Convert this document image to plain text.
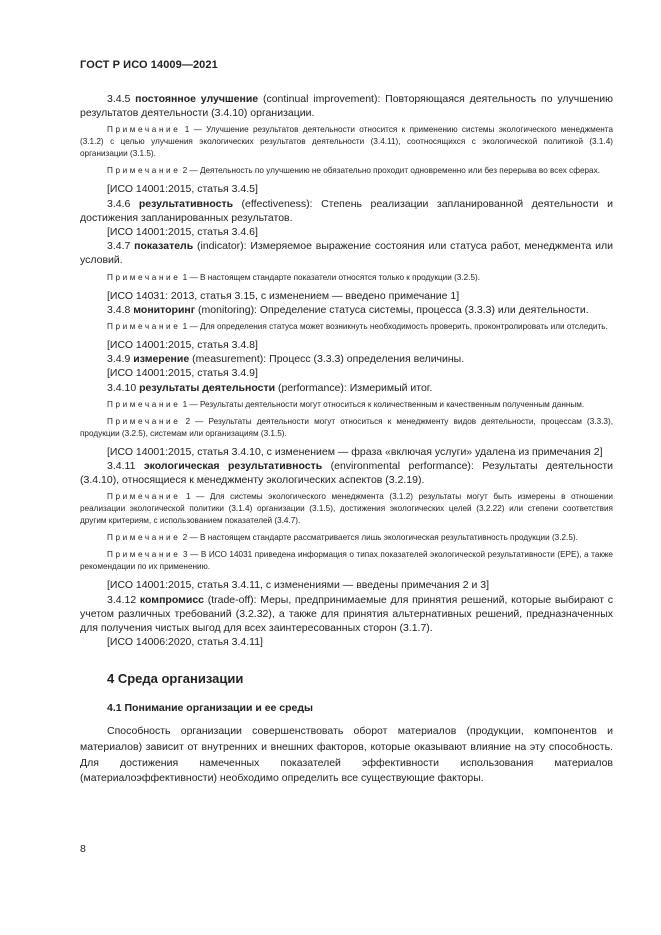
ГОСТ Р ИСО 14009—2021

3.4.5 постоянное улучшение (continual improvement): Повторяющаяся деятельность по улучшению результатов деятельности (3.4.10) организации.

Примечание 1 — Улучшение результатов деятельности относится к применению системы экологического менеджмента (3.1.2) с целью улучшения экологических результатов деятельности (3.4.11), соотносящихся с экологической политикой (3.1.4) организации (3.1.5).

Примечание 2 — Деятельность по улучшению не обязательно проходит одновременно или без перерыва во всех сферах.

[ИСО 14001:2015, статья 3.4.5]

3.4.6 результативность (effectiveness): Степень реализации запланированной деятельности и достижения запланированных результатов.

[ИСО 14001:2015, статья 3.4.6]

3.4.7 показатель (indicator): Измеряемое выражение состояния или статуса работ, менеджмента или условий.

Примечание 1 — В настоящем стандарте показатели относятся только к продукции (3.2.5).

[ИСО 14031: 2013, статья 3.15, с изменением — введено примечание 1]

3.4.8 мониторинг (monitoring): Определение статуса системы, процесса (3.3.3) или деятельности.

Примечание 1 — Для определения статуса может возникнуть необходимость проверить, проконтролировать или отследить.

[ИСО 14001:2015, статья 3.4.8]

3.4.9 измерение (measurement): Процесс (3.3.3) определения величины.

[ИСО 14001:2015, статья 3.4.9]

3.4.10 результаты деятельности (performance): Измеримый итог.

Примечание 1 — Результаты деятельности могут относиться к количественным и качественным полученным данным.

Примечание 2 — Результаты деятельности могут относиться к менеджменту видов деятельности, процессам (3.3.3), продукции (3.2.5), системам или организациям (3.1.5).

[ИСО 14001:2015, статья 3.4.10, с изменением — фраза «включая услуги» удалена из примечания 2]

3.4.11 экологическая результативность (environmental performance): Результаты деятельности (3.4.10), относящиеся к менеджменту экологических аспектов (3.2.19).

Примечание 1 — Для системы экологического менеджмента (3.1.2) результаты могут быть измерены в отношении реализации экологической политики (3.1.4) организации (3.1.5), достижения экологических целей (3.2.22) или степени соответствия другим критериям, с использованием показателей (3.4.7).

Примечание 2 — В настоящем стандарте рассматривается лишь экологическая результативность продукции (3.2.5).

Примечание 3 — В ИСО 14031 приведена информация о типах показателей экологической результативности (EPE), а также рекомендации по их применению.

[ИСО 14001:2015, статья 3.4.11, с изменениями — введены примечания 2 и 3]

3.4.12 компромисс (trade-off): Меры, предпринимаемые для принятия решений, которые выбирают с учетом различных требований (3.2.32), а также для принятия альтернативных решений, предназначенных для получения чистых выгод для всех заинтересованных сторон (3.1.7).

[ИСО 14006:2020, статья 3.4.11]

4 Среда организации
4.1 Понимание организации и ее среды

Способность организации совершенствовать оборот материалов (продукции, компонентов и материалов) зависит от внутренних и внешних факторов, которые оказывают влияние на эту способность. Для достижения намеченных показателей эффективности использования материалов (материалоэффективности) необходимо определить все существующие факторы.

8
